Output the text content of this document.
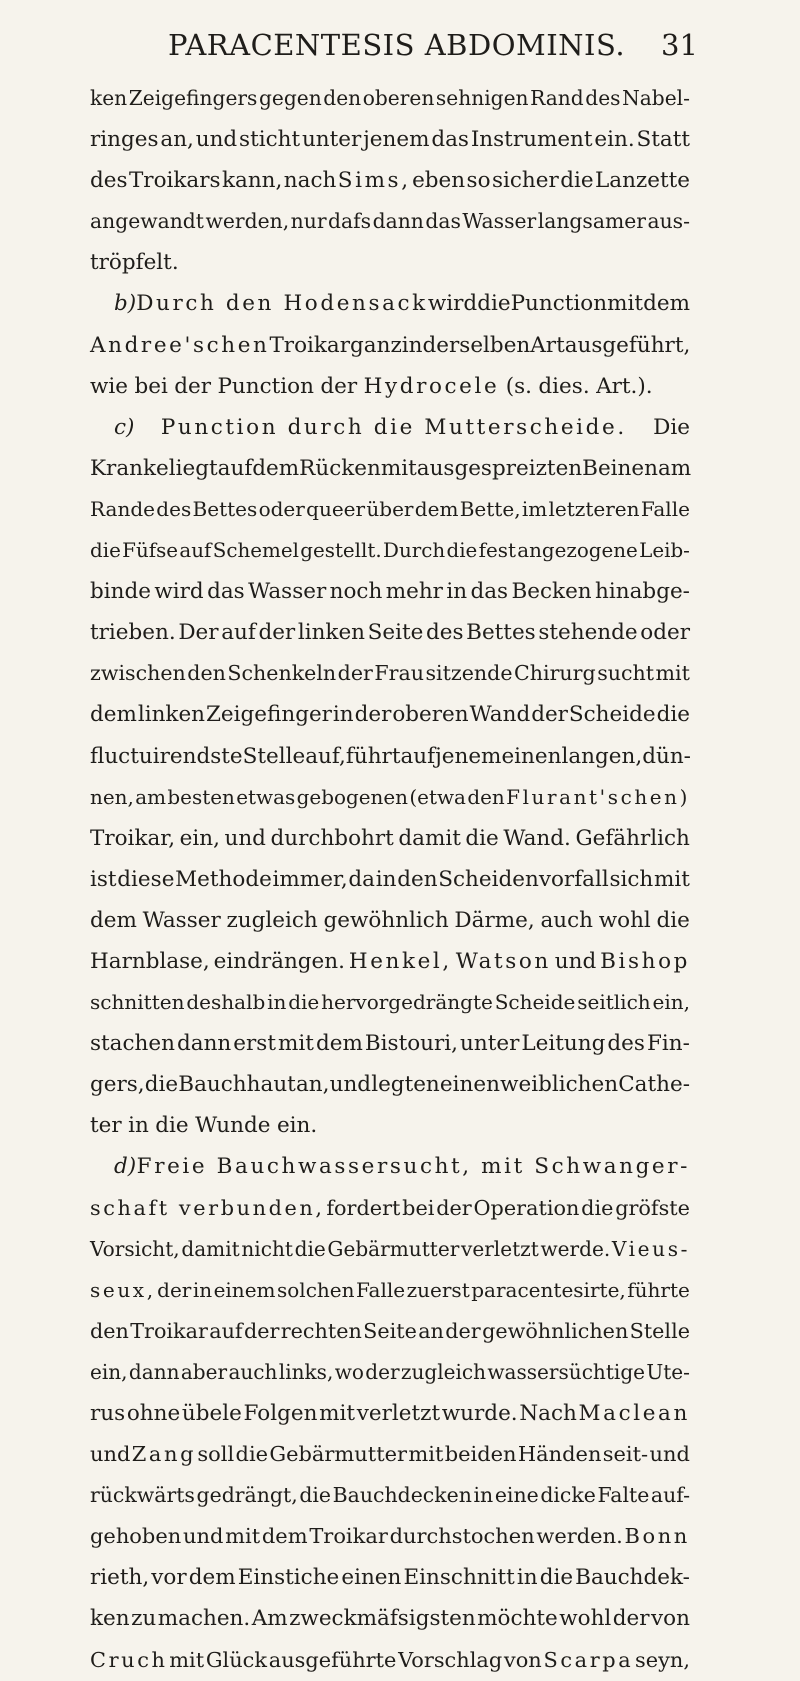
PARACENTESIS ABDOMINIS. 31
ken Zeigefingers gegen den oberen sehnigen Rand des Nabel-
ringes an, und sticht unter jenem das Instrument ein. Statt
des Troikars kann, nach Sims, eben so sicher die Lanzette
angewandt werden, nur dafs dann das Wasser langsamer aus-
tröpfelt.
b) Durch den Hodensack wird die Punction mit dem
Andree'schen Troikar ganz in derselben Art ausgeführt,
wie bei der Punction der Hydrocele (s. dies. Art.).
c) Punction durch die Mutterscheide. Die
Kranke liegt auf dem Rücken mit ausgespreizten Beinen am
Rande des Bettes oder queer über dem Bette, im letzteren Falle
die Füfse auf Schemel gestellt. Durch die fest angezogene Leib-
binde wird das Wasser noch mehr in das Becken hinabge-
trieben. Der auf der linken Seite des Bettes stehende oder
zwischen den Schenkeln der Frau sitzende Chirurg sucht mit
dem linken Zeigefinger in der oberen Wand der Scheide die
fluctuirendste Stelle auf, führt auf jenem einen langen , dün-
nen, am besten etwas gebogenen (etwa den Flurant'schen)
Troikar, ein, und durchbohrt damit die Wand. Gefährlich
ist diese Methode immer, da in den Scheidenvorfall sich mit
dem Wasser zugleich gewöhnlich Därme, auch wohl die
Harnblase, eindrängen. Henkel, Watson und Bishop
schnitten deshalb in die hervorgedrängte Scheide seitlich ein,
stachen dann erst mit dem Bistouri, unter Leitung des Fin-
gers, die Bauchhaut an, und legten einen weiblichen Cathe-
ter in die Wunde ein.
d) Freie Bauchwassersucht, mit Schwanger-
schaft verbunden, fordert bei der Operation die gröfste
Vorsicht, damit nicht die Gebärmutter verletzt werde. Vieus-
seux, der in einem solchen Falle zuerst paracentesirte, führte
den Troikar auf der rechten Seite an der gewöhnlichen Stelle
ein, dann aber auch links, wo der zugleich wassersüchtige Ute-
rus ohne übele Folgen mit verletzt wurde. Nach Maclean
und Zang soll die Gebärmutter mit beiden Händen seit- und
rückwärts gedrängt, die Bauchdecken in eine dicke Falte auf-
gehoben und mit dem Troikar durchstochen werden. Bonn
rieth, vor dem Einstiche einen Einschnitt in die Bauchdek-
ken zu machen. Am zweckmäfsigsten möchte wohl der von
Cruch mit Glück ausgeführte Vorschlag von Scarpa seyn,
